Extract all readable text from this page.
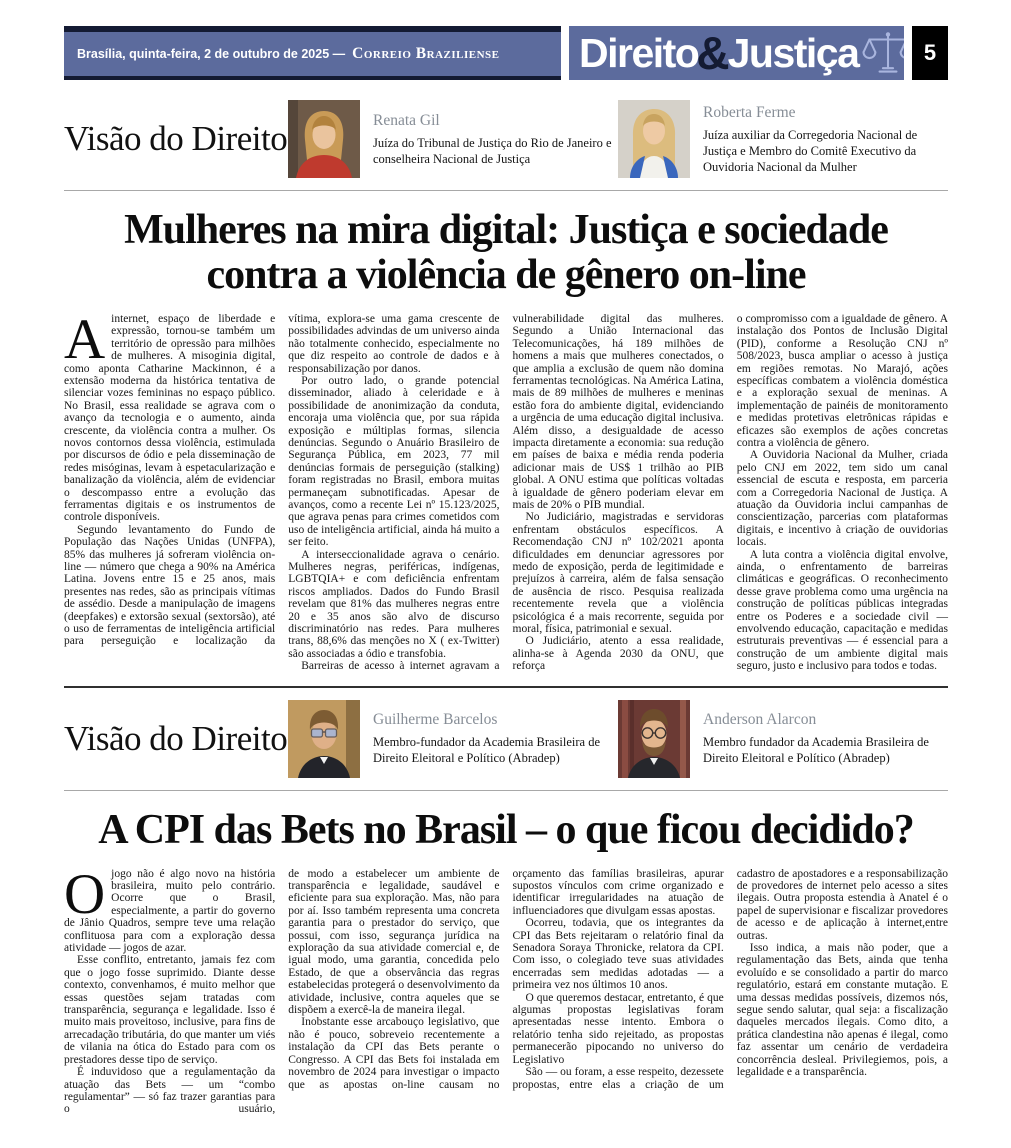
Brasília, quinta-feira, 2 de outubro de 2025 — Correio Braziliense Direito
&
Justiça	5
Visão do Direito	Renata Gil
Juíza do Tribunal de Justiça do Rio de Janeiro e conselheira Nacional de Justiça
Roberta Ferme
Juíza auxiliar da Corregedoria Nacional de Justiça e Membro do Comitê Executivo da Ouvidoria Nacional da Mulher
Mulheres na mira digital: Justiça e sociedade contra a violência de gênero on-line

Ainternet, espaço de liberdade e expressão, tornou-se também um território de opressão para milhões de mulheres. A misoginia digital, como aponta Catharine Mackinnon, é a extensão moderna da histórica tentativa de silenciar vozes femininas no espaço público. No Brasil, essa realidade se agrava com o avanço da tecnologia e o aumento, ainda crescente, da violência contra a mulher. Os novos contornos dessa violência, estimulada por discursos de ódio e pela disseminação de redes misóginas, levam à espetacularização e banalização da violência, além de evidenciar o descompasso entre a evolução das ferramentas digitais e os instrumentos de controle disponíveis.

Segundo levantamento do Fundo de População das Nações Unidas (UNFPA), 85% das mulheres já sofreram violência on-line — número que chega a 90% na América Latina. Jovens entre 15 e 25 anos, mais presentes nas redes, são as principais vítimas de assédio. Desde a manipulação de imagens (deepfakes) e extorsão sexual (sextorsão), até o uso de ferramentas de inteligência artificial para perseguição e localização da

vítima, explora-se uma gama crescente de possibilidades advindas de um universo ainda não totalmente conhecido, especialmente no que diz respeito ao controle de dados e à responsabilização por danos.

Por outro lado, o grande potencial disseminador, aliado à celeridade e à possibilidade de anonimização da conduta, encoraja uma violência que, por sua rápida exposição e múltiplas formas, silencia denúncias. Segundo o Anuário Brasileiro de Segurança Pública, em 2023, 77 mil denúncias formais de perseguição (stalking) foram registradas no Brasil, embora muitas permaneçam subnotificadas. Apesar de avanços, como a recente Lei nº 15.123/2025, que agrava penas para crimes cometidos com uso de inteligência artificial, ainda há muito a ser feito.

A interseccionalidade agrava o cenário. Mulheres negras, periféricas, indígenas, LGBTQIA+ e com deficiência enfrentam riscos ampliados. Dados do Fundo Brasil revelam que 81% das mulheres negras entre 20 e 35 anos são alvo de discurso discriminatório nas redes. Para mulheres trans, 88,6% das menções no X ( ex-Twitter) são associadas a ódio e transfobia.

Barreiras de acesso à internet agravam a

vulnerabilidade digital das mulheres. Segundo a União Internacional das Telecomunicações, há 189 milhões de homens a mais que mulheres conectados, o que amplia a exclusão de quem não domina ferramentas tecnológicas. Na América Latina, mais de 89 milhões de mulheres e meninas estão fora do ambiente digital, evidenciando a urgência de uma educação digital inclusiva. Além disso, a desigualdade de acesso impacta diretamente a economia: sua redução em países de baixa e média renda poderia adicionar mais de US$ 1 trilhão ao PIB global. A ONU estima que políticas voltadas à igualdade de gênero poderiam elevar em mais de 20% o PIB mundial.

No Judiciário, magistradas e servidoras enfrentam obstáculos específicos. A Recomendação CNJ nº 102/2021 aponta dificuldades em denunciar agressores por medo de exposição, perda de legitimidade e prejuízos à carreira, além de falsa sensação de ausência de risco. Pesquisa realizada recentemente revela que a violência psicológica é a mais recorrente, seguida por moral, física, patrimonial e sexual.

O Judiciário, atento a essa realidade, alinha-se à Agenda 2030 da ONU, que reforça

o compromisso com a igualdade de gênero. A instalação dos Pontos de Inclusão Digital (PID), conforme a Resolução CNJ nº 508/2023, busca ampliar o acesso à justiça em regiões remotas. No Marajó, ações específicas combatem a violência doméstica e a exploração sexual de meninas. A implementação de painéis de monitoramento e medidas protetivas eletrônicas rápidas e eficazes são exemplos de ações concretas contra a violência de gênero.

A Ouvidoria Nacional da Mulher, criada pelo CNJ em 2022, tem sido um canal essencial de escuta e resposta, em parceria com a Corregedoria Nacional de Justiça. A atuação da Ouvidoria inclui campanhas de conscientização, parcerias com plataformas digitais, e incentivo à criação de ouvidorias locais.

A luta contra a violência digital envolve, ainda, o enfrentamento de barreiras climáticas e geográficas. O reconhecimento desse grave problema como uma urgência na construção de políticas públicas integradas entre os Poderes e a sociedade civil — envolvendo educação, capacitação e medidas estruturais preventivas — é essencial para a construção de um ambiente digital mais seguro, justo e inclusivo para todos e todas.

Visão do Direito	Guilherme Barcelos
Membro-fundador da Academia Brasileira de Direito Eleitoral e Político (Abradep)
Anderson Alarcon
Membro fundador da Academia Brasileira de Direito Eleitoral e Político (Abradep)
A CPI das Bets no Brasil – o que ficou decidido?

Ojogo não é algo novo na história brasileira, muito pelo contrário. Ocorre que o Brasil, especialmente, a partir do governo de Jânio Quadros, sempre teve uma relação conflituosa para com a exploração dessa atividade — jogos de azar.

Esse conflito, entretanto, jamais fez com que o jogo fosse suprimido. Diante desse contexto, convenhamos, é muito melhor que essas questões sejam tratadas com transparência, segurança e legalidade. Isso é muito mais proveitoso, inclusive, para fins de arrecadação tributária, do que manter um viés de vilania na ótica do Estado para com os prestadores desse tipo de serviço.

É induvidoso que a regulamentação da atuação das Bets — um “combo regulamentar” — só faz trazer garantias para o usuário,

de modo a estabelecer um ambiente de transparência e legalidade, saudável e eficiente para sua exploração. Mas, não para por aí. Isso também representa uma concreta garantia para o prestador do serviço, que possui, com isso, segurança jurídica na exploração da sua atividade comercial e, de igual modo, uma garantia, concedida pelo Estado, de que a observância das regras estabelecidas protegerá o desenvolvimento da atividade, inclusive, contra aqueles que se dispõem a exercê-la de maneira ilegal.

Inobstante esse arcabouço legislativo, que não é pouco, sobreveio recentemente a instalação da CPI das Bets perante o Congresso. A CPI das Bets foi instalada em novembro de 2024 para investigar o impacto que as apostas on-line causam no

orçamento das famílias brasileiras, apurar supostos vínculos com crime organizado e identificar irregularidades na atuação de influenciadores que divulgam essas apostas.

Ocorreu, todavia, que os integrantes da CPI das Bets rejeitaram o relatório final da Senadora Soraya Thronicke, relatora da CPI. Com isso, o colegiado teve suas atividades encerradas sem medidas adotadas — a primeira vez nos últimos 10 anos.

O que queremos destacar, entretanto, é que algumas propostas legislativas foram apresentadas nesse intento. Embora o relatório tenha sido rejeitado, as propostas permanecerão pipocando no universo do Legislativo

São — ou foram, a esse respeito, dezessete propostas, entre elas a criação de um

cadastro de apostadores e a responsabilização de provedores de internet pelo acesso a sites ilegais. Outra proposta estendia à Anatel é o papel de supervisionar e fiscalizar provedores de acesso e de aplicação à internet,entre outras.

Isso indica, a mais não poder, que a regulamentação das Bets, ainda que tenha evoluído e se consolidado a partir do marco regulatório, estará em constante mutação. E uma dessas medidas possíveis, dizemos nós, segue sendo salutar, qual seja: a fiscalização daqueles mercados ilegais. Como dito, a prática clandestina não apenas é ilegal, como faz assentar um cenário de verdadeira concorrência desleal. Privilegiemos, pois, a legalidade e a transparência.
